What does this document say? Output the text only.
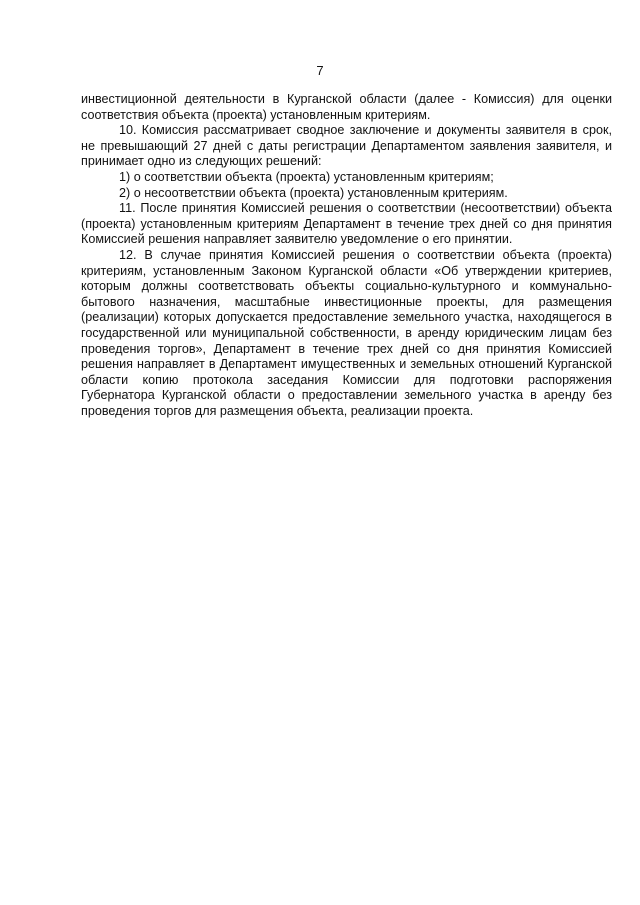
7

инвестиционной деятельности в Курганской области (далее - Комиссия) для оценки соответствия объекта (проекта) установленным критериям.

10. Комиссия рассматривает сводное заключение и документы заявителя в срок, не превышающий 27 дней с даты регистрации Департаментом заявления заявителя, и принимает одно из следующих решений:

1) о соответствии объекта (проекта) установленным критериям;

2) о несоответствии объекта (проекта) установленным критериям.

11. После принятия Комиссией решения о соответствии (несоответствии) объекта (проекта) установленным критериям Департамент в течение трех дней со дня принятия Комиссией решения направляет заявителю уведомление о его принятии.

12. В случае принятия Комиссией решения о соответствии объекта (проекта) критериям, установленным Законом Курганской области «Об утверждении критериев, которым должны соответствовать объекты социально-культурного и коммунально-бытового назначения, масштабные инвестиционные проекты, для размещения (реализации) которых допускается предоставление земельного участка, находящегося в государственной или муниципальной собственности, в аренду юридическим лицам без проведения торгов», Департамент в течение трех дней со дня принятия Комиссией решения направляет в Департамент имущественных и земельных отношений Курганской области копию протокола заседания Комиссии для подготовки распоряжения Губернатора Курганской области о предоставлении земельного участка в аренду без проведения торгов для размещения объекта, реализации проекта.
